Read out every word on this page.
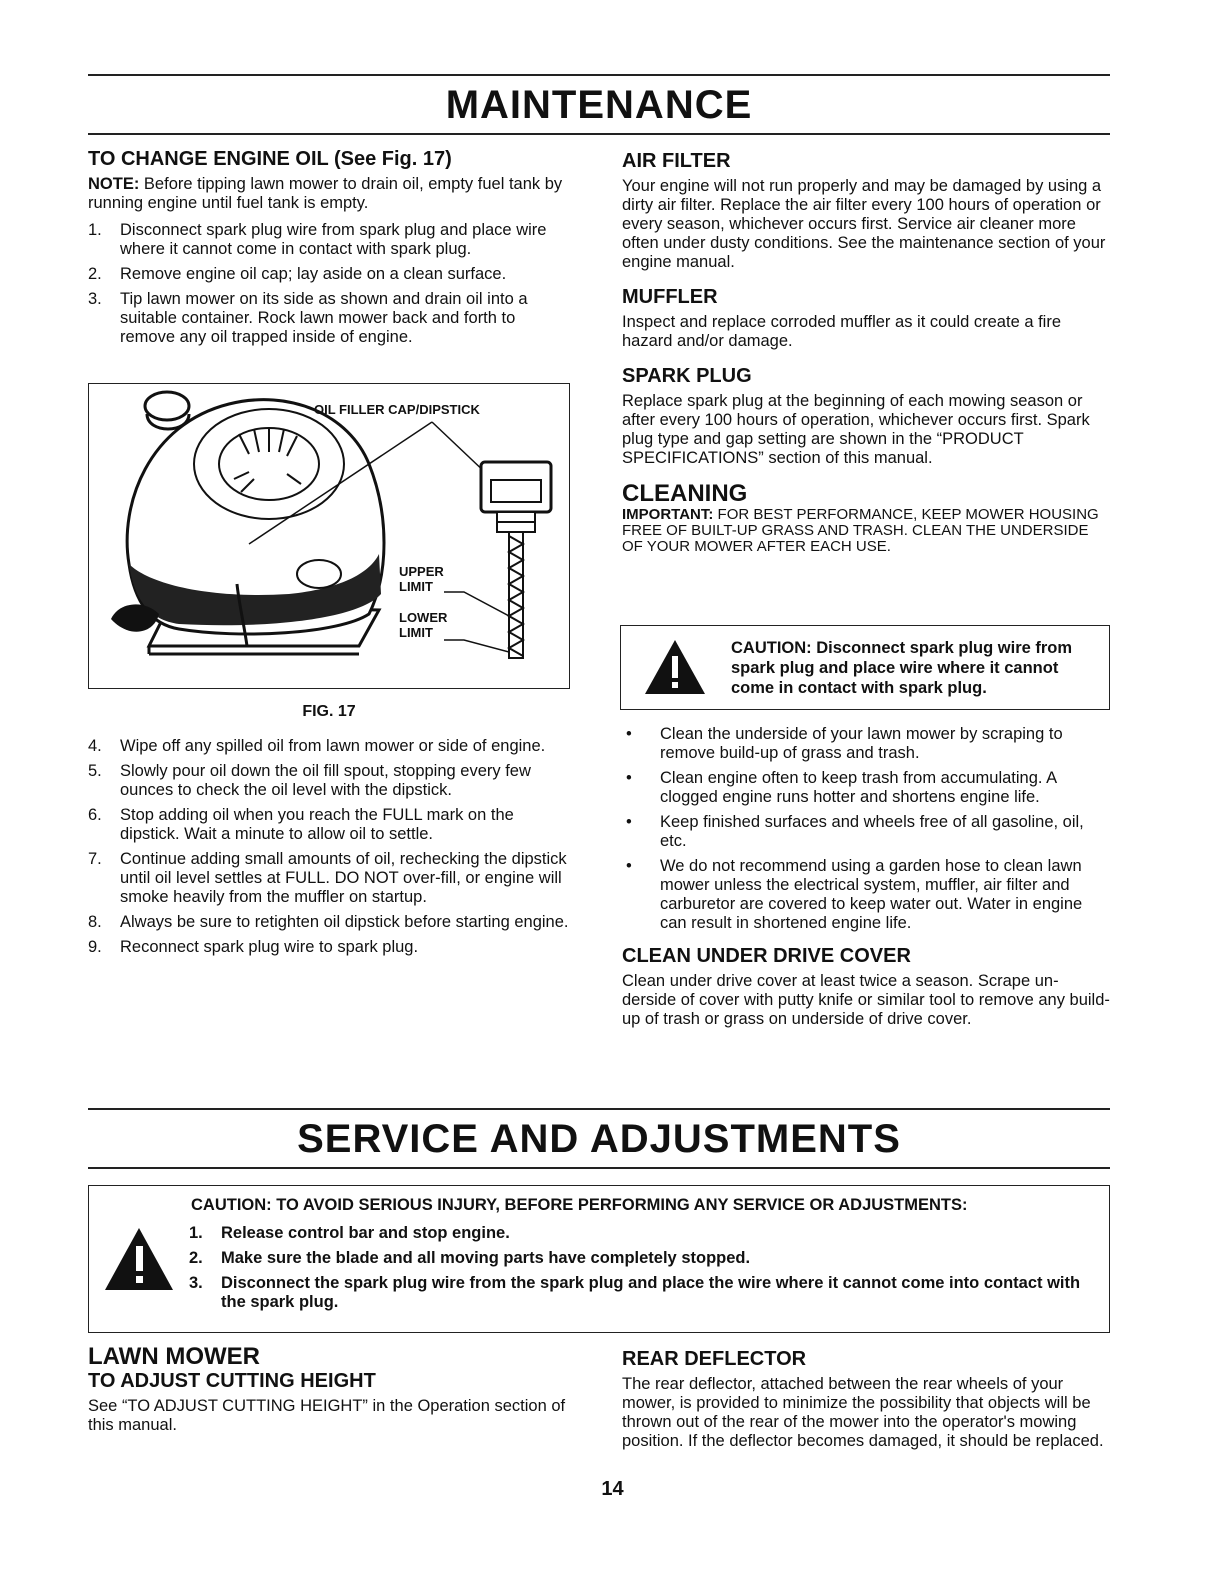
MAINTENANCE
TO CHANGE ENGINE OIL (See Fig. 17)

NOTE: Before tipping lawn mower to drain oil, empty fuel tank by running engine until fuel tank is empty.

1.	Disconnect spark plug wire from spark plug and place wire where it cannot come in contact with spark plug.
2.	Remove engine oil cap; lay aside on a clean surface.
3.	Tip lawn mower on its side as shown and drain oil into a suitable container. Rock lawn mower back and forth to remove any oil trapped inside of engine.
OIL FILLER CAP/DIPSTICK
UPPER
LIMIT
LOWER
LIMIT
FIG. 17
4.	Wipe off any spilled oil from lawn mower or side of engine.
5.	Slowly pour oil down the oil fill spout, stopping every few ounces to check the oil level with the dipstick.
6.	Stop adding oil when you reach the FULL mark on the dipstick. Wait a minute to allow oil to settle.
7.	Continue adding small amounts of oil, rechecking the dipstick until oil level settles at FULL. DO NOT over-fill, or engine will smoke heavily from the muffler on startup.
8.	Always be sure to retighten oil dipstick before starting engine.
9.	Reconnect spark plug wire to spark plug.
AIR FILTER

Your engine will not run properly and may be damaged by using a dirty air filter. Replace the air filter every 100 hours of operation or every season, whichever occurs first. Service air cleaner more often under dusty conditions. See the maintenance section of your engine manual.

MUFFLER

Inspect and replace corroded muffler as it could create a fire hazard and/or damage.

SPARK PLUG

Replace spark plug at the beginning of each mowing season or after every 100 hours of operation, whichever occurs first. Spark plug type and gap setting are shown in the “PRODUCT SPECIFICATIONS” section of this manual.

CLEANING

IMPORTANT: FOR BEST PERFORMANCE, KEEP MOWER HOUSING FREE OF BUILT-UP GRASS AND TRASH. CLEAN THE UNDERSIDE OF YOUR MOWER AFTER EACH USE.

CAUTION: Disconnect spark plug wire from spark plug and place wire where it cannot come in contact with spark plug.
•	Clean the underside of your lawn mower by scraping to remove build-up of grass and trash.
•	Clean engine often to keep trash from accumulating. A clogged engine runs hotter and shortens engine life.
•	Keep finished surfaces and wheels free of all gasoline, oil, etc.
•	We do not recommend using a garden hose to clean lawn mower unless the electrical system, muffler, air filter and carburetor are covered to keep water out. Water in engine can result in shortened engine life.
CLEAN UNDER DRIVE COVER

Clean under drive cover at least twice a season. Scrape un-derside of cover with putty knife or similar tool to remove any build-up of trash or grass on underside of drive cover.

SERVICE AND ADJUSTMENTS
CAUTION: TO AVOID SERIOUS INJURY, BEFORE PERFORMING ANY SERVICE OR ADJUSTMENTS:
1.	Release control bar and stop engine.
2.	Make sure the blade and all moving parts have completely stopped.
3.	Disconnect the spark plug wire from the spark plug and place the wire where it cannot come into contact with the spark plug.
LAWN MOWER
TO ADJUST CUTTING HEIGHT

See “TO ADJUST CUTTING HEIGHT” in the Operation section of this manual.

REAR DEFLECTOR

The rear deflector, attached between the rear wheels of your mower, is provided to minimize the possibility that objects will be thrown out of the rear of the mower into the operator's mowing position. If the deflector becomes damaged, it should be replaced.

14
